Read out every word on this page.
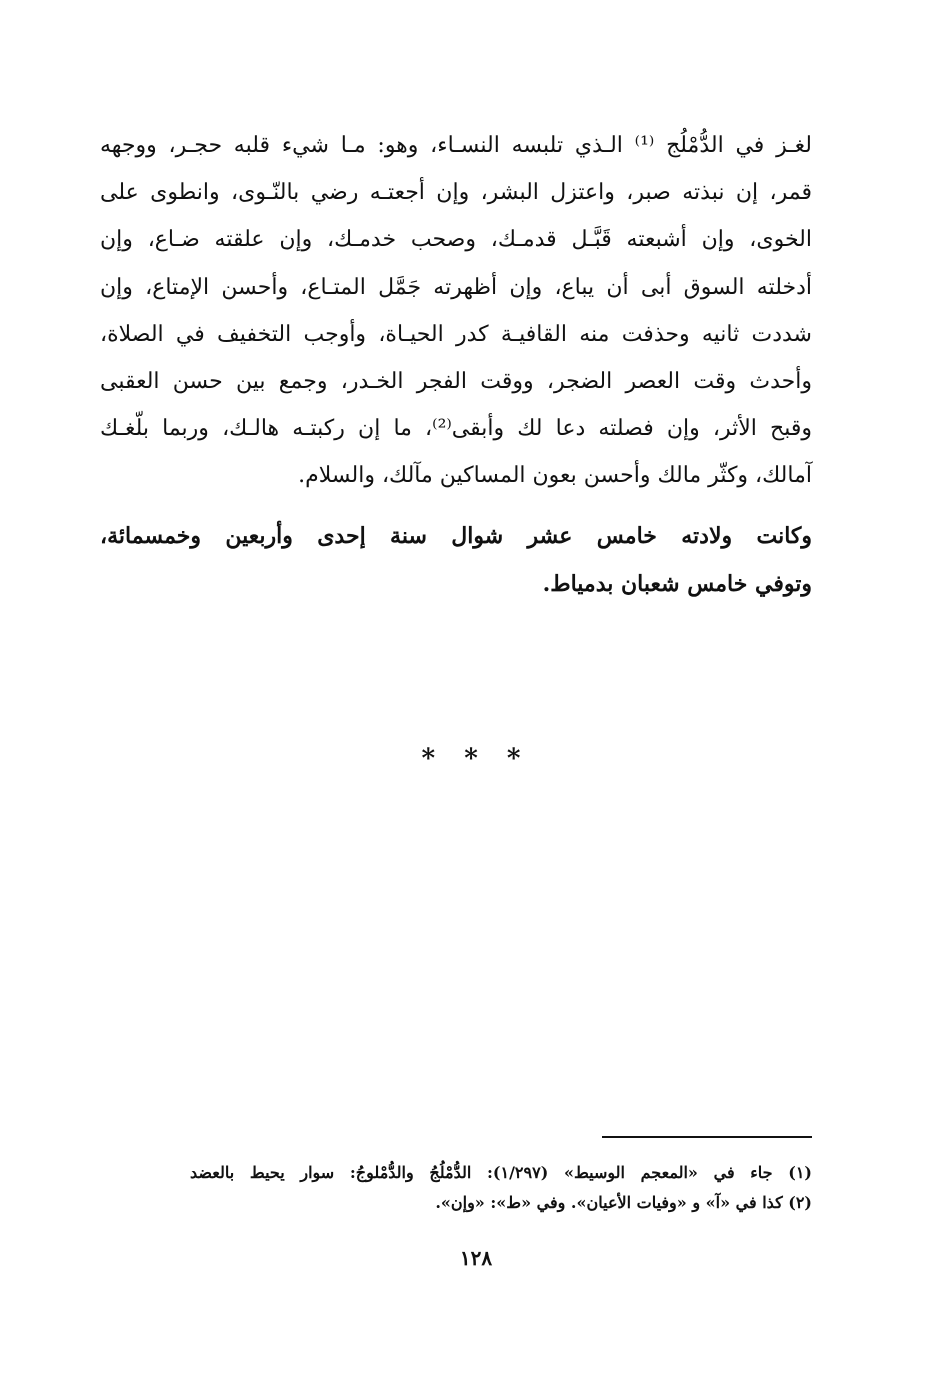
لغـز في الدُّمْلُج ⁽¹⁾ الـذي تلبسه النسـاء، وهو: مـا شيء قلبه حجـر، ووجهه
قمر، إن نبذته صبر، واعتزل البشر، وإن أجعتـه رضي بالنّـوى، وانطوى على
الخوى، وإن أشبعته قَبَّـل قدمـك، وصحب خدمـك، وإن علقته ضـاع، وإن
أدخلته السوق أبى أن يباع، وإن أظهرته جَمَّل المتـاع، وأحسن الإمتاع، وإن
شددت ثانيه وحذفت منه القافيـة كدر الحيـاة، وأوجب التخفيف في الصلاة،
وأحدث وقت العصر الضجر، ووقت الفجر الخـدر، وجمع بين حسن العقبى
وقبح الأثر، وإن فصلته دعا لك وأبقى⁽²⁾، ما إن ركبتـه هالـك، وربما بلّغـك
آمالك، وكثّر مالك وأحسن بعون المساكين مآلك، والسلام.
وكانت ولادته خامس عشر شوال سنة إحدى وأربعين وخمسمائة،
وتوفي خامس شعبان بدمياط.
* * *
(١) جاء في «المعجم الوسيط» (١/٢٩٧): الدُّمْلُجُ والدُّمْلوجُ: سوار يحيط بالعضد
(٢) كذا في «آ» و «وفيات الأعيان». وفي «ط»: «وإن».
١٢٨
